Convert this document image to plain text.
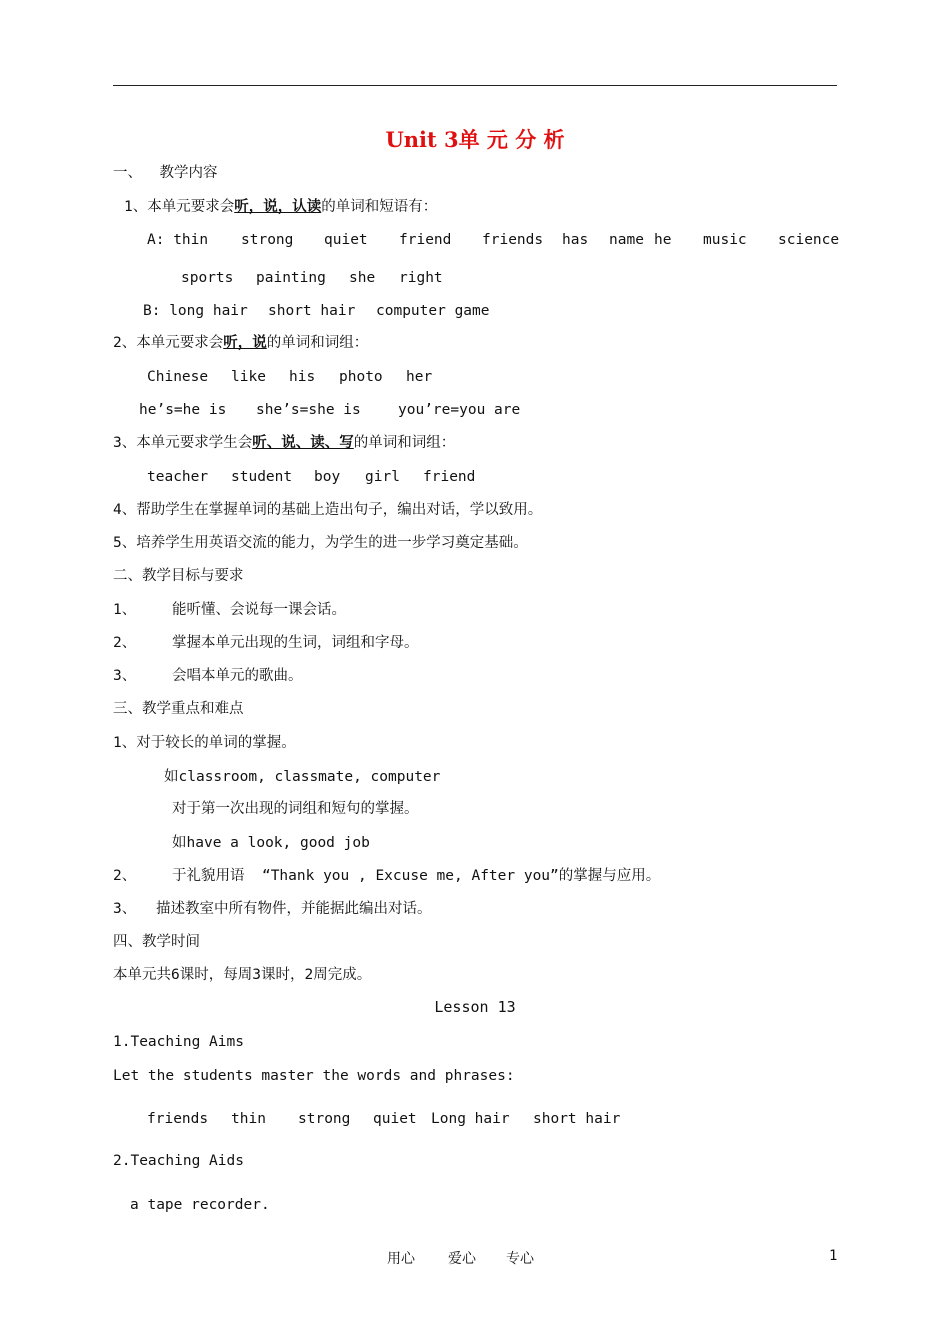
Unit 3单 元 分 析
一、  教学内容
1、本单元要求会听，说，认读的单词和短语有：
A: thin strong quiet friend friends has name he music science
sports painting she right
B: long hair short hair computer game
2、本单元要求会听，说的单词和词组：
Chinese like his photo her
he’s=he is she’s=she is	you’re=you are
3、本单元要求学生会听、说、读、写的单词和词组：
teacher student boy girl friend
4、帮助学生在掌握单词的基础上造出句子，编出对话，学以致用。
5、培养学生用英语交流的能力，为学生的进一步学习奠定基础。
二、教学目标与要求
1、 能听懂、会说每一课会话。
2、 掌握本单元出现的生词，词组和字母。
3、 会唱本单元的歌曲。
三、教学重点和难点
1、对于较长的单词的掌握。
如classroom, classmate, computer
对于第一次出现的词组和短句的掌握。
如have a look, good job
2、 于礼貌用语  “Thank you , Excuse me, After you”的掌握与应用。
3、 描述教室中所有物件，并能据此编出对话。
四、教学时间
本单元共6课时，每周3课时，2周完成。
Lesson 13
1.Teaching Aims
Let the students master the words and phrases:
friends thin strong quiet Long hair short hair
2.Teaching Aids
a tape recorder.
用心 爱心 专心	1
